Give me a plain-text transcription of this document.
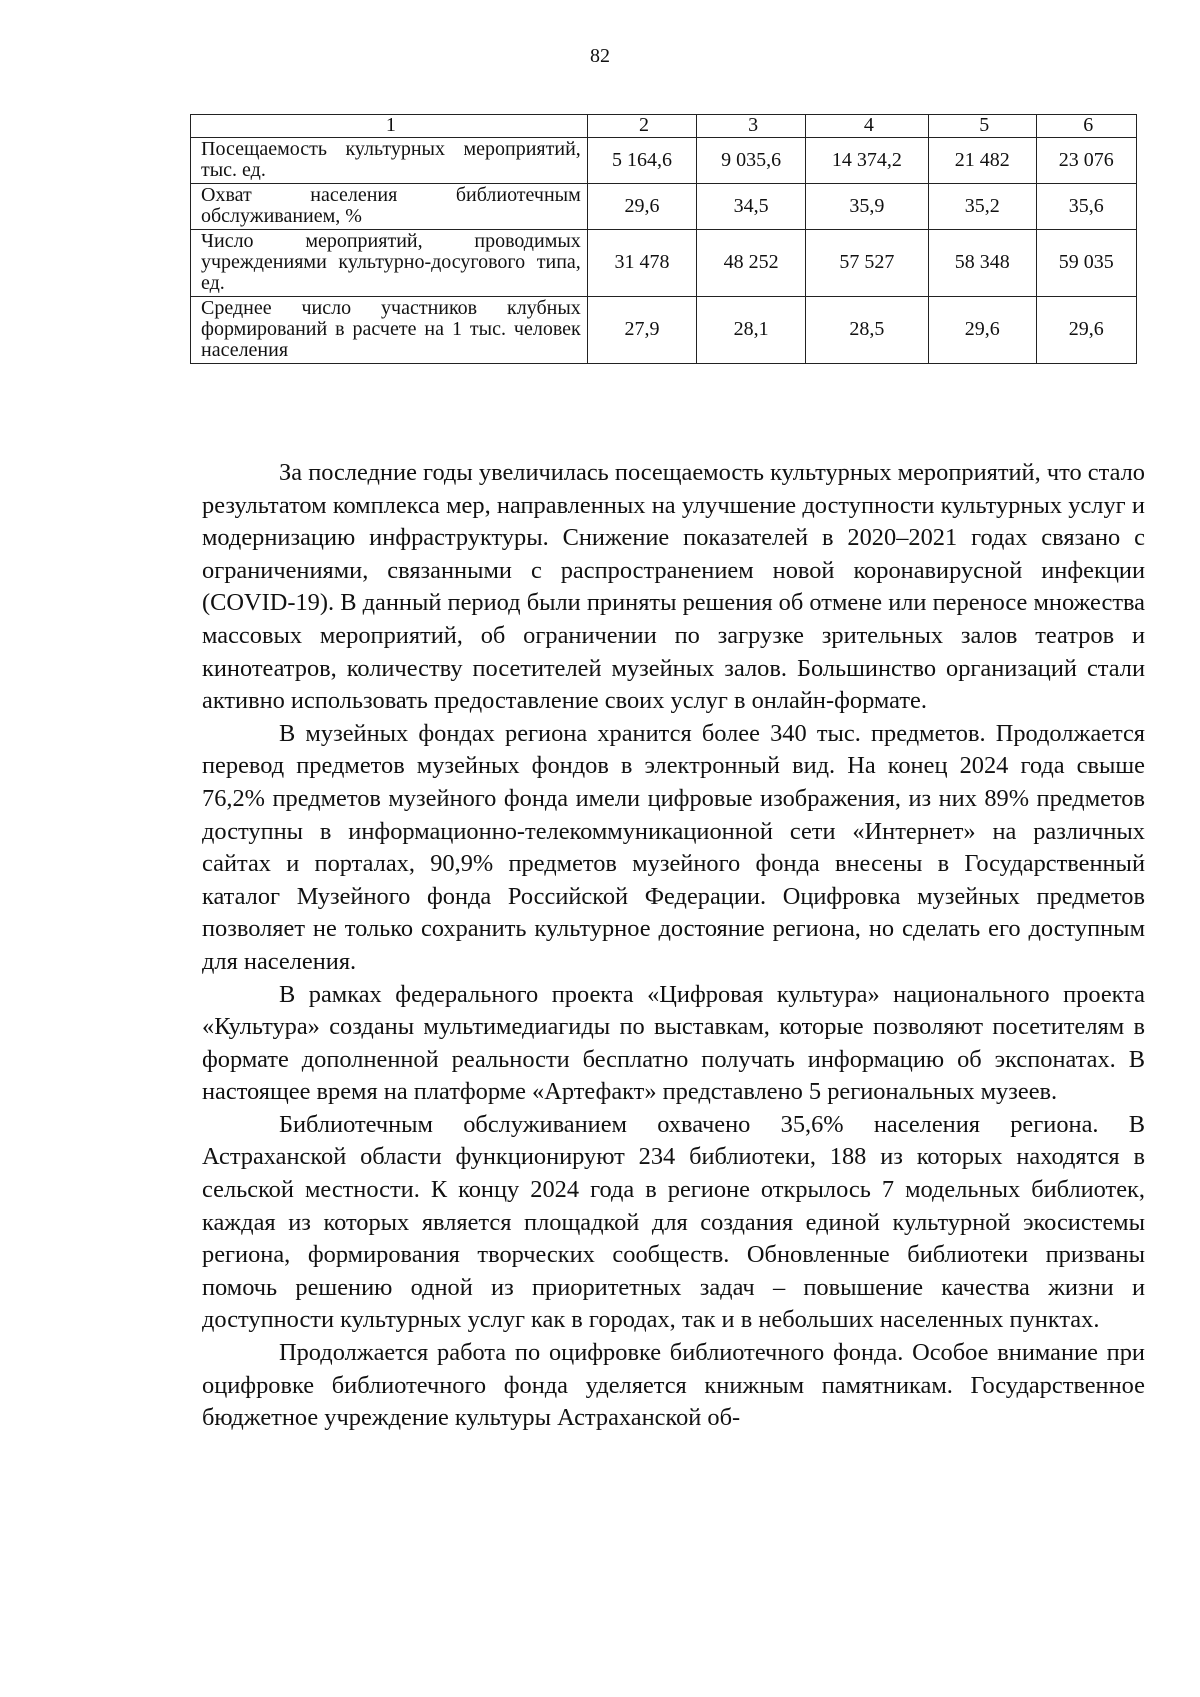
82
1	2	3	4	5	6
Посещаемость культурных мероприятий, тыс. ед.	5 164,6	9 035,6	14 374,2	21 482	23 076
Охват населения библиотечным обслуживанием, %	29,6	34,5	35,9	35,2	35,6
Число мероприятий, проводимых учреждениями культурно-досугового типа, ед.	31 478	48 252	57 527	58 348	59 035
Среднее число участников клубных формирований в расчете на 1 тыс. человек населения	27,9	28,1	28,5	29,6	29,6

За последние годы увеличилась посещаемость культурных мероприятий, что стало результатом комплекса мер, направленных на улучшение доступности культурных услуг и модернизацию инфраструктуры. Снижение показателей в 2020–2021 годах связано с ограничениями, связанными с распространением новой коронавирусной инфекции (COVID-19). В данный период были приняты решения об отмене или переносе множества массовых мероприятий, об ограничении по загрузке зрительных залов театров и кинотеатров, количеству посетителей музейных залов. Большинство организаций стали активно использовать предоставление своих услуг в онлайн-формате.

В музейных фондах региона хранится более 340 тыс. предметов. Продолжается перевод предметов музейных фондов в электронный вид. На конец 2024 года свыше 76,2% предметов музейного фонда имели цифровые изображения, из них 89% предметов доступны в информационно-телекоммуникационной сети «Интернет» на различных сайтах и порталах, 90,9% предметов музейного фонда внесены в Государственный каталог Музейного фонда Российской Федерации. Оцифровка музейных предметов позволяет не только сохранить культурное достояние региона, но сделать его доступным для населения.

В рамках федерального проекта «Цифровая культура» национального проекта «Культура» созданы мультимедиагиды по выставкам, которые позволяют посетителям в формате дополненной реальности бесплатно получать информацию об экспонатах. В настоящее время на платформе «Артефакт» представлено 5 региональных музеев.

Библиотечным обслуживанием охвачено 35,6% населения региона. В Астраханской области функционируют 234 библиотеки, 188 из которых находятся в сельской местности. К концу 2024 года в регионе открылось 7 модельных библиотек, каждая из которых является площадкой для создания единой культурной экосистемы региона, формирования творческих сообществ. Обновленные библиотеки призваны помочь решению одной из приоритетных задач – повышение качества жизни и доступности культурных услуг как в городах, так и в небольших населенных пунктах.

Продолжается работа по оцифровке библиотечного фонда. Особое внимание при оцифровке библиотечного фонда уделяется книжным памятникам. Государственное бюджетное учреждение культуры Астраханской об-
